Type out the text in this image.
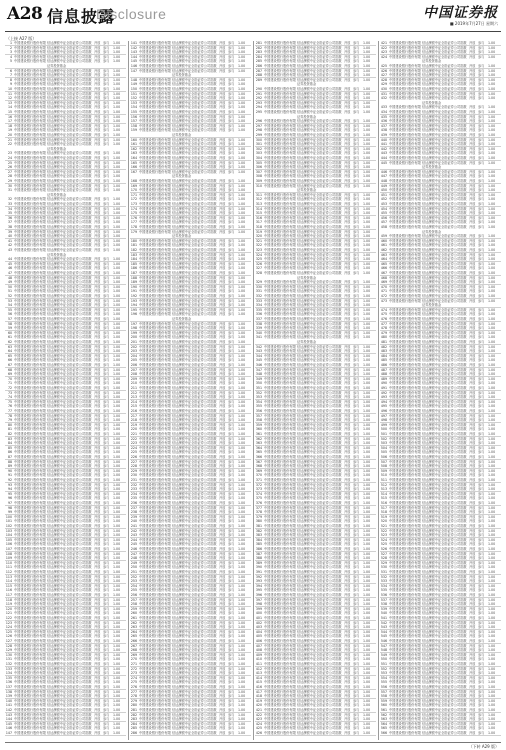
A28 信息披露
Disclosure	中国证券报
■ 2019年7月27日 星期六
（上接 A27 版）
1 中国建设银行股份有限 信达澳银中证全指证券公司指数 开放 参与	1.00
2 中国建设银行股份有限 信达澳银中证全指证券公司指数 开放 参与	1.00
3 中国建设银行股份有限 信达澳银中证全指证券公司指数 开放 参与	1.00
4 中国建设银行股份有限 信达澳银中证全指证券公司指数 开放 参与	1.00
5 中国建设银行股份有限 信达澳银中证全指证券公司指数证券投资基金
开放 参与	1.00
6 中国建设银行股份有限 信达澳银中证全指证券公司指数 开放 参与	1.00
7 中国建设银行股份有限 信达澳银中证全指证券公司指数 开放 参与	1.00
8 中国建设银行股份有限 信达澳银中证全指证券公司指数 开放 参与	1.00
9 中国建设银行股份有限 信达澳银中证全指证券公司指数 开放 参与	1.00
10 中国建设银行股份有限 信达澳银中证全指证券公司指数 开放 参与	1.00
11 中国建设银行股份有限 信达澳银中证全指证券公司指数 开放 参与	1.00
12 中国建设银行股份有限 信达澳银中证全指证券公司指数 开放 参与	1.00
13 中国建设银行股份有限 信达澳银中证全指证券公司指数 开放 参与	1.00
14 中国建设银行股份有限 信达澳银中证全指证券公司指数 开放 参与	1.00
15 中国建设银行股份有限 信达澳银中证全指证券公司指数 开放 参与	1.00
16 中国建设银行股份有限 信达澳银中证全指证券公司指数 开放 参与	1.00
17 中国建设银行股份有限 信达澳银中证全指证券公司指数 开放 参与	1.00
18 中国建设银行股份有限 信达澳银中证全指证券公司指数 开放 参与	1.00
19 中国建设银行股份有限 信达澳银中证全指证券公司指数 开放 参与	1.00
20 中国建设银行股份有限 信达澳银中证全指证券公司指数 开放 参与	1.00
21 中国建设银行股份有限 信达澳银中证全指证券公司指数 开放 参与	1.00
22 中国建设银行股份有限 信达澳银中证全指证券公司指数证券投资基金
开放 参与	1.00
23 中国建设银行股份有限 信达澳银中证全指证券公司指数 开放 参与	1.00
24 中国建设银行股份有限 信达澳银中证全指证券公司指数 开放 参与	1.00
25 中国建设银行股份有限 信达澳银中证全指证券公司指数 开放 参与	1.00
26 中国建设银行股份有限 信达澳银中证全指证券公司指数 开放 参与	1.00
27 中国建设银行股份有限 信达澳银中证全指证券公司指数 开放 参与	1.00
28 中国建设银行股份有限 信达澳银中证全指证券公司指数 开放 参与	1.00
29 中国建设银行股份有限 信达澳银中证全指证券公司指数 开放 参与	1.00
30 中国建设银行股份有限 信达澳银中证全指证券公司指数 开放 参与	1.00
31 中国建设银行股份有限 信达澳银中证全指证券公司指数证券投资基金
开放 参与	1.00
32 中国建设银行股份有限 信达澳银中证全指证券公司指数 开放 参与	1.00
33 中国建设银行股份有限 信达澳银中证全指证券公司指数 开放 参与	1.00
34 中国建设银行股份有限 信达澳银中证全指证券公司指数 开放 参与	1.00
35 中国建设银行股份有限 信达澳银中证全指证券公司指数 开放 参与	1.00
36 中国建设银行股份有限 信达澳银中证全指证券公司指数 开放 参与	1.00
37 中国建设银行股份有限 信达澳银中证全指证券公司指数 开放 参与	1.00
38 中国建设银行股份有限 信达澳银中证全指证券公司指数 开放 参与	1.00
39 中国建设银行股份有限 信达澳银中证全指证券公司指数 开放 参与	1.00
40 中国建设银行股份有限 信达澳银中证全指证券公司指数 开放 参与	1.00
41 中国建设银行股份有限 信达澳银中证全指证券公司指数 开放 参与	1.00
42 中国建设银行股份有限 信达澳银中证全指证券公司指数 开放 参与	1.00
43 中国建设银行股份有限 信达澳银中证全指证券公司指数证券投资基金
开放 参与	1.00
44 中国建设银行股份有限 信达澳银中证全指证券公司指数 开放 参与	1.00
45 中国建设银行股份有限 信达澳银中证全指证券公司指数 开放 参与	1.00
46 中国建设银行股份有限 信达澳银中证全指证券公司指数 开放 参与	1.00
47 中国建设银行股份有限 信达澳银中证全指证券公司指数 开放 参与	1.00
48 中国建设银行股份有限 信达澳银中证全指证券公司指数 开放 参与	1.00
49 中国建设银行股份有限 信达澳银中证全指证券公司指数 开放 参与	1.00
50 中国建设银行股份有限 信达澳银中证全指证券公司指数 开放 参与	1.00
51 中国建设银行股份有限 信达澳银中证全指证券公司指数 开放 参与	1.00
52 中国建设银行股份有限 信达澳银中证全指证券公司指数 开放 参与	1.00
53 中国建设银行股份有限 信达澳银中证全指证券公司指数 开放 参与	1.00
54 中国建设银行股份有限 信达澳银中证全指证券公司指数 开放 参与	1.00
55 中国建设银行股份有限 信达澳银中证全指证券公司指数 开放 参与	1.00
56 中国建设银行股份有限 信达澳银中证全指证券公司指数 开放 参与	1.00
57 中国建设银行股份有限 信达澳银中证全指证券公司指数 开放 参与	1.00
58 中国建设银行股份有限 信达澳银中证全指证券公司指数 开放 参与	1.00
59 中国建设银行股份有限 信达澳银中证全指证券公司指数 开放 参与	1.00
60 中国建设银行股份有限 信达澳银中证全指证券公司指数 开放 参与	1.00
61 中国建设银行股份有限 信达澳银中证全指证券公司指数 开放 参与	1.00
62 中国建设银行股份有限 信达澳银中证全指证券公司指数 开放 参与	1.00
63 中国建设银行股份有限 信达澳银中证全指证券公司指数 开放 参与	1.00
64 中国建设银行股份有限 信达澳银中证全指证券公司指数 开放 参与	1.00
65 中国建设银行股份有限 信达澳银中证全指证券公司指数 开放 参与	1.00
66 中国建设银行股份有限 信达澳银中证全指证券公司指数 开放 参与	1.00
67 中国建设银行股份有限 信达澳银中证全指证券公司指数 开放 参与	1.00
68 中国建设银行股份有限 信达澳银中证全指证券公司指数 开放 参与	1.00
69 中国建设银行股份有限 信达澳银中证全指证券公司指数 开放 参与	1.00
70 中国建设银行股份有限 信达澳银中证全指证券公司指数 开放 参与	1.00
71 中国建设银行股份有限 信达澳银中证全指证券公司指数 开放 参与	1.00
72 中国建设银行股份有限 信达澳银中证全指证券公司指数 开放 参与	1.00
73 中国建设银行股份有限 信达澳银中证全指证券公司指数 开放 参与	1.00
74 中国建设银行股份有限 信达澳银中证全指证券公司指数 开放 参与	1.00
75 中国建设银行股份有限 信达澳银中证全指证券公司指数 开放 参与	1.00
76 中国建设银行股份有限 信达澳银中证全指证券公司指数 开放 参与	1.00
77 中国建设银行股份有限 信达澳银中证全指证券公司指数 开放 参与	1.00
78 中国建设银行股份有限 信达澳银中证全指证券公司指数 开放 参与	1.00
79 中国建设银行股份有限 信达澳银中证全指证券公司指数 开放 参与	1.00
80 中国建设银行股份有限 信达澳银中证全指证券公司指数 开放 参与	1.00
81 中国建设银行股份有限 信达澳银中证全指证券公司指数 开放 参与	1.00
82 中国建设银行股份有限 信达澳银中证全指证券公司指数 开放 参与	1.00
83 中国建设银行股份有限 信达澳银中证全指证券公司指数 开放 参与	1.00
84 中国建设银行股份有限 信达澳银中证全指证券公司指数 开放 参与	1.00
85 中国建设银行股份有限 信达澳银中证全指证券公司指数 开放 参与	1.00
86 中国建设银行股份有限 信达澳银中证全指证券公司指数 开放 参与	1.00
87 中国建设银行股份有限 信达澳银中证全指证券公司指数 开放 参与	1.00
88 中国建设银行股份有限 信达澳银中证全指证券公司指数 开放 参与	1.00
89 中国建设银行股份有限 信达澳银中证全指证券公司指数 开放 参与	1.00
90 中国建设银行股份有限 信达澳银中证全指证券公司指数 开放 参与	1.00
91 中国建设银行股份有限 信达澳银中证全指证券公司指数 开放 参与	1.00
92 中国建设银行股份有限 信达澳银中证全指证券公司指数 开放 参与	1.00
93 中国建设银行股份有限 信达澳银中证全指证券公司指数 开放 参与	1.00
94 中国建设银行股份有限 信达澳银中证全指证券公司指数 开放 参与	1.00
95 中国建设银行股份有限 信达澳银中证全指证券公司指数 开放 参与	1.00
96 中国建设银行股份有限 信达澳银中证全指证券公司指数 开放 参与	1.00
97 中国建设银行股份有限 信达澳银中证全指证券公司指数 开放 参与	1.00
98 中国建设银行股份有限 信达澳银中证全指证券公司指数 开放 参与	1.00
99 中国建设银行股份有限 信达澳银中证全指证券公司指数 开放 参与	1.00
100 中国建设银行股份有限 信达澳银中证全指证券公司指数 开放 参与	1.00
101 中国建设银行股份有限 信达澳银中证全指证券公司指数 开放 参与	1.00
102 中国建设银行股份有限 信达澳银中证全指证券公司指数 开放 参与	1.00
103 中国建设银行股份有限 信达澳银中证全指证券公司指数 开放 参与	1.00
104 中国建设银行股份有限 信达澳银中证全指证券公司指数 开放 参与	1.00
105 中国建设银行股份有限 信达澳银中证全指证券公司指数 开放 参与	1.00
106 中国建设银行股份有限 信达澳银中证全指证券公司指数 开放 参与	1.00
107 中国建设银行股份有限 信达澳银中证全指证券公司指数 开放 参与	1.00
108 中国建设银行股份有限 信达澳银中证全指证券公司指数 开放 参与	1.00
109 中国建设银行股份有限 信达澳银中证全指证券公司指数 开放 参与	1.00
110 中国建设银行股份有限 信达澳银中证全指证券公司指数 开放 参与	1.00
111 中国建设银行股份有限 信达澳银中证全指证券公司指数 开放 参与	1.00
112 中国建设银行股份有限 信达澳银中证全指证券公司指数 开放 参与	1.00
113 中国建设银行股份有限 信达澳银中证全指证券公司指数 开放 参与	1.00
114 中国建设银行股份有限 信达澳银中证全指证券公司指数 开放 参与	1.00
115 中国建设银行股份有限 信达澳银中证全指证券公司指数 开放 参与	1.00
116 中国建设银行股份有限 信达澳银中证全指证券公司指数 开放 参与	1.00
117 中国建设银行股份有限 信达澳银中证全指证券公司指数 开放 参与	1.00
118 中国建设银行股份有限 信达澳银中证全指证券公司指数 开放 参与	1.00
119 中国建设银行股份有限 信达澳银中证全指证券公司指数 开放 参与	1.00
120 中国建设银行股份有限 信达澳银中证全指证券公司指数 开放 参与	1.00
121 中国建设银行股份有限 信达澳银中证全指证券公司指数 开放 参与	1.00
122 中国建设银行股份有限 信达澳银中证全指证券公司指数 开放 参与	1.00
123 中国建设银行股份有限 信达澳银中证全指证券公司指数 开放 参与	1.00
124 中国建设银行股份有限 信达澳银中证全指证券公司指数 开放 参与	1.00
125 中国建设银行股份有限 信达澳银中证全指证券公司指数 开放 参与	1.00
126 中国建设银行股份有限 信达澳银中证全指证券公司指数 开放 参与	1.00
127 中国建设银行股份有限 信达澳银中证全指证券公司指数 开放 参与	1.00
128 中国建设银行股份有限 信达澳银中证全指证券公司指数 开放 参与	1.00
129 中国建设银行股份有限 信达澳银中证全指证券公司指数 开放 参与	1.00
130 中国建设银行股份有限 信达澳银中证全指证券公司指数 开放 参与	1.00
131 中国建设银行股份有限 信达澳银中证全指证券公司指数 开放 参与	1.00
132 中国建设银行股份有限 信达澳银中证全指证券公司指数 开放 参与	1.00
133 中国建设银行股份有限 信达澳银中证全指证券公司指数 开放 参与	1.00
134 中国建设银行股份有限 信达澳银中证全指证券公司指数 开放 参与	1.00
135 中国建设银行股份有限 信达澳银中证全指证券公司指数 开放 参与	1.00
136 中国建设银行股份有限 信达澳银中证全指证券公司指数 开放 参与	1.00
137 中国建设银行股份有限 信达澳银中证全指证券公司指数 开放 参与	1.00
138 中国建设银行股份有限 信达澳银中证全指证券公司指数 开放 参与	1.00
139 中国建设银行股份有限 信达澳银中证全指证券公司指数 开放 参与	1.00
140 中国建设银行股份有限 信达澳银中证全指证券公司指数 开放 参与	1.00
141 中国建设银行股份有限 信达澳银中证全指证券公司指数 开放 参与	1.00
142 中国建设银行股份有限 信达澳银中证全指证券公司指数 开放 参与	1.00
143 中国建设银行股份有限 信达澳银中证全指证券公司指数 开放 参与	1.00
144 中国建设银行股份有限 信达澳银中证全指证券公司指数 开放 参与	1.00
145 中国建设银行股份有限 信达澳银中证全指证券公司指数 开放 参与	1.00
146 中国建设银行股份有限 信达澳银中证全指证券公司指数 开放 参与	1.00
147 中国建设银行股份有限 信达澳银中证全指证券公司指数 开放 参与	1.00
141 中国建设银行股份有限 信达澳银中证全指证券公司指数 开放 参与	1.00
142 中国建设银行股份有限 信达澳银中证全指证券公司指数 开放 参与	1.00
143 中国建设银行股份有限 信达澳银中证全指证券公司指数 开放 参与	1.00
144 中国建设银行股份有限 信达澳银中证全指证券公司指数 开放 参与	1.00
145 中国建设银行股份有限 信达澳银中证全指证券公司指数 开放 参与	1.00
146 中国建设银行股份有限 信达澳银中证全指证券公司指数 开放 参与	1.00
147 中国建设银行股份有限 信达澳银中证全指证券公司指数证券投资基金
开放 参与	1.00
148 中国建设银行股份有限 信达澳银中证全指证券公司指数 开放 参与	1.00
149 中国建设银行股份有限 信达澳银中证全指证券公司指数 开放 参与	1.00
150 中国建设银行股份有限 信达澳银中证全指证券公司指数 开放 参与	1.00
151 中国建设银行股份有限 信达澳银中证全指证券公司指数 开放 参与	1.00
152 中国建设银行股份有限 信达澳银中证全指证券公司指数 开放 参与	1.00
153 中国建设银行股份有限 信达澳银中证全指证券公司指数 开放 参与	1.00
154 中国建设银行股份有限 信达澳银中证全指证券公司指数 开放 参与	1.00
155 中国建设银行股份有限 信达澳银中证全指证券公司指数 开放 参与	1.00
156 中国建设银行股份有限 信达澳银中证全指证券公司指数 开放 参与	1.00
157 中国建设银行股份有限 信达澳银中证全指证券公司指数 开放 参与	1.00
158 中国建设银行股份有限 信达澳银中证全指证券公司指数 开放 参与	1.00
159 中国建设银行股份有限 信达澳银中证全指证券公司指数证券投资基金
开放 参与	1.00
160 中国建设银行股份有限 信达澳银中证全指证券公司指数 开放 参与	1.00
161 中国建设银行股份有限 信达澳银中证全指证券公司指数 开放 参与	1.00
162 中国建设银行股份有限 信达澳银中证全指证券公司指数 开放 参与	1.00
163 中国建设银行股份有限 信达澳银中证全指证券公司指数 开放 参与	1.00
164 中国建设银行股份有限 信达澳银中证全指证券公司指数 开放 参与	1.00
165 中国建设银行股份有限 信达澳银中证全指证券公司指数 开放 参与	1.00
166 中国建设银行股份有限 信达澳银中证全指证券公司指数 开放 参与	1.00
167 中国建设银行股份有限 信达澳银中证全指证券公司指数证券投资基金
开放 参与	1.00
168 中国建设银行股份有限 信达澳银中证全指证券公司指数 开放 参与	1.00
169 中国建设银行股份有限 信达澳银中证全指证券公司指数 开放 参与	1.00
170 中国建设银行股份有限 信达澳银中证全指证券公司指数 开放 参与	1.00
171 中国建设银行股份有限 信达澳银中证全指证券公司指数 开放 参与	1.00
172 中国建设银行股份有限 信达澳银中证全指证券公司指数 开放 参与	1.00
173 中国建设银行股份有限 信达澳银中证全指证券公司指数 开放 参与	1.00
174 中国建设银行股份有限 信达澳银中证全指证券公司指数 开放 参与	1.00
175 中国建设银行股份有限 信达澳银中证全指证券公司指数 开放 参与	1.00
176 中国建设银行股份有限 信达澳银中证全指证券公司指数 开放 参与	1.00
177 中国建设银行股份有限 信达澳银中证全指证券公司指数 开放 参与	1.00
178 中国建设银行股份有限 信达澳银中证全指证券公司指数 开放 参与	1.00
179 中国建设银行股份有限 信达澳银中证全指证券公司指数证券投资基金
开放 参与	1.00
180 中国建设银行股份有限 信达澳银中证全指证券公司指数 开放 参与	1.00
181 中国建设银行股份有限 信达澳银中证全指证券公司指数 开放 参与	1.00
182 中国建设银行股份有限 信达澳银中证全指证券公司指数 开放 参与	1.00
183 中国建设银行股份有限 信达澳银中证全指证券公司指数 开放 参与	1.00
184 中国建设银行股份有限 信达澳银中证全指证券公司指数 开放 参与	1.00
185 中国建设银行股份有限 信达澳银中证全指证券公司指数 开放 参与	1.00
186 中国建设银行股份有限 信达澳银中证全指证券公司指数 开放 参与	1.00
187 中国建设银行股份有限 信达澳银中证全指证券公司指数 开放 参与	1.00
188 中国建设银行股份有限 信达澳银中证全指证券公司指数 开放 参与	1.00
189 中国建设银行股份有限 信达澳银中证全指证券公司指数 开放 参与	1.00
190 中国建设银行股份有限 信达澳银中证全指证券公司指数 开放 参与	1.00
191 中国建设银行股份有限 信达澳银中证全指证券公司指数 开放 参与	1.00
192 中国建设银行股份有限 信达澳银中证全指证券公司指数 开放 参与	1.00
193 中国建设银行股份有限 信达澳银中证全指证券公司指数 开放 参与	1.00
194 中国建设银行股份有限 信达澳银中证全指证券公司指数 开放 参与	1.00
195 中国建设银行股份有限 信达澳银中证全指证券公司指数 开放 参与	1.00
196 中国建设银行股份有限 信达澳银中证全指证券公司指数证券投资基金
开放 参与	1.00
197 中国建设银行股份有限 信达澳银中证全指证券公司指数 开放 参与	1.00
198 中国建设银行股份有限 信达澳银中证全指证券公司指数 开放 参与	1.00
199 中国建设银行股份有限 信达澳银中证全指证券公司指数 开放 参与	1.00
200 中国建设银行股份有限 信达澳银中证全指证券公司指数 开放 参与	1.00
201 中国建设银行股份有限 信达澳银中证全指证券公司指数 开放 参与	1.00
202 中国建设银行股份有限 信达澳银中证全指证券公司指数 开放 参与	1.00
203 中国建设银行股份有限 信达澳银中证全指证券公司指数 开放 参与	1.00
204 中国建设银行股份有限 信达澳银中证全指证券公司指数 开放 参与	1.00
205 中国建设银行股份有限 信达澳银中证全指证券公司指数 开放 参与	1.00
206 中国建设银行股份有限 信达澳银中证全指证券公司指数 开放 参与	1.00
207 中国建设银行股份有限 信达澳银中证全指证券公司指数 开放 参与	1.00
208 中国建设银行股份有限 信达澳银中证全指证券公司指数 开放 参与	1.00
209 中国建设银行股份有限 信达澳银中证全指证券公司指数 开放 参与	1.00
210 中国建设银行股份有限 信达澳银中证全指证券公司指数 开放 参与	1.00
211 中国建设银行股份有限 信达澳银中证全指证券公司指数 开放 参与	1.00
212 中国建设银行股份有限 信达澳银中证全指证券公司指数 开放 参与	1.00
213 中国建设银行股份有限 信达澳银中证全指证券公司指数 开放 参与	1.00
214 中国建设银行股份有限 信达澳银中证全指证券公司指数 开放 参与	1.00
215 中国建设银行股份有限 信达澳银中证全指证券公司指数 开放 参与	1.00
216 中国建设银行股份有限 信达澳银中证全指证券公司指数 开放 参与	1.00
217 中国建设银行股份有限 信达澳银中证全指证券公司指数 开放 参与	1.00
218 中国建设银行股份有限 信达澳银中证全指证券公司指数 开放 参与	1.00
219 中国建设银行股份有限 信达澳银中证全指证券公司指数 开放 参与	1.00
220 中国建设银行股份有限 信达澳银中证全指证券公司指数 开放 参与	1.00
221 中国建设银行股份有限 信达澳银中证全指证券公司指数 开放 参与	1.00
222 中国建设银行股份有限 信达澳银中证全指证券公司指数 开放 参与	1.00
223 中国建设银行股份有限 信达澳银中证全指证券公司指数 开放 参与	1.00
224 中国建设银行股份有限 信达澳银中证全指证券公司指数 开放 参与	1.00
225 中国建设银行股份有限 信达澳银中证全指证券公司指数 开放 参与	1.00
226 中国建设银行股份有限 信达澳银中证全指证券公司指数 开放 参与	1.00
227 中国建设银行股份有限 信达澳银中证全指证券公司指数 开放 参与	1.00
228 中国建设银行股份有限 信达澳银中证全指证券公司指数 开放 参与	1.00
229 中国建设银行股份有限 信达澳银中证全指证券公司指数 开放 参与	1.00
230 中国建设银行股份有限 信达澳银中证全指证券公司指数 开放 参与	1.00
231 中国建设银行股份有限 信达澳银中证全指证券公司指数 开放 参与	1.00
232 中国建设银行股份有限 信达澳银中证全指证券公司指数 开放 参与	1.00
233 中国建设银行股份有限 信达澳银中证全指证券公司指数 开放 参与	1.00
234 中国建设银行股份有限 信达澳银中证全指证券公司指数 开放 参与	1.00
235 中国建设银行股份有限 信达澳银中证全指证券公司指数 开放 参与	1.00
236 中国建设银行股份有限 信达澳银中证全指证券公司指数 开放 参与	1.00
237 中国建设银行股份有限 信达澳银中证全指证券公司指数 开放 参与	1.00
238 中国建设银行股份有限 信达澳银中证全指证券公司指数 开放 参与	1.00
239 中国建设银行股份有限 信达澳银中证全指证券公司指数 开放 参与	1.00
240 中国建设银行股份有限 信达澳银中证全指证券公司指数 开放 参与	1.00
241 中国建设银行股份有限 信达澳银中证全指证券公司指数 开放 参与	1.00
242 中国建设银行股份有限 信达澳银中证全指证券公司指数 开放 参与	1.00
243 中国建设银行股份有限 信达澳银中证全指证券公司指数 开放 参与	1.00
244 中国建设银行股份有限 信达澳银中证全指证券公司指数 开放 参与	1.00
245 中国建设银行股份有限 信达澳银中证全指证券公司指数 开放 参与	1.00
246 中国建设银行股份有限 信达澳银中证全指证券公司指数 开放 参与	1.00
247 中国建设银行股份有限 信达澳银中证全指证券公司指数 开放 参与	1.00
248 中国建设银行股份有限 信达澳银中证全指证券公司指数 开放 参与	1.00
249 中国建设银行股份有限 信达澳银中证全指证券公司指数 开放 参与	1.00
250 中国建设银行股份有限 信达澳银中证全指证券公司指数 开放 参与	1.00
251 中国建设银行股份有限 信达澳银中证全指证券公司指数 开放 参与	1.00
252 中国建设银行股份有限 信达澳银中证全指证券公司指数 开放 参与	1.00
253 中国建设银行股份有限 信达澳银中证全指证券公司指数 开放 参与	1.00
254 中国建设银行股份有限 信达澳银中证全指证券公司指数 开放 参与	1.00
255 中国建设银行股份有限 信达澳银中证全指证券公司指数 开放 参与	1.00
256 中国建设银行股份有限 信达澳银中证全指证券公司指数 开放 参与	1.00
257 中国建设银行股份有限 信达澳银中证全指证券公司指数 开放 参与	1.00
258 中国建设银行股份有限 信达澳银中证全指证券公司指数 开放 参与	1.00
259 中国建设银行股份有限 信达澳银中证全指证券公司指数 开放 参与	1.00
260 中国建设银行股份有限 信达澳银中证全指证券公司指数 开放 参与	1.00
261 中国建设银行股份有限 信达澳银中证全指证券公司指数 开放 参与	1.00
262 中国建设银行股份有限 信达澳银中证全指证券公司指数 开放 参与	1.00
263 中国建设银行股份有限 信达澳银中证全指证券公司指数 开放 参与	1.00
264 中国建设银行股份有限 信达澳银中证全指证券公司指数 开放 参与	1.00
265 中国建设银行股份有限 信达澳银中证全指证券公司指数 开放 参与	1.00
266 中国建设银行股份有限 信达澳银中证全指证券公司指数 开放 参与	1.00
267 中国建设银行股份有限 信达澳银中证全指证券公司指数 开放 参与	1.00
268 中国建设银行股份有限 信达澳银中证全指证券公司指数 开放 参与	1.00
269 中国建设银行股份有限 信达澳银中证全指证券公司指数 开放 参与	1.00
270 中国建设银行股份有限 信达澳银中证全指证券公司指数 开放 参与	1.00
271 中国建设银行股份有限 信达澳银中证全指证券公司指数 开放 参与	1.00
272 中国建设银行股份有限 信达澳银中证全指证券公司指数 开放 参与	1.00
273 中国建设银行股份有限 信达澳银中证全指证券公司指数 开放 参与	1.00
274 中国建设银行股份有限 信达澳银中证全指证券公司指数 开放 参与	1.00
275 中国建设银行股份有限 信达澳银中证全指证券公司指数 开放 参与	1.00
276 中国建设银行股份有限 信达澳银中证全指证券公司指数 开放 参与	1.00
277 中国建设银行股份有限 信达澳银中证全指证券公司指数 开放 参与	1.00
278 中国建设银行股份有限 信达澳银中证全指证券公司指数 开放 参与	1.00
279 中国建设银行股份有限 信达澳银中证全指证券公司指数 开放 参与	1.00
280 中国建设银行股份有限 信达澳银中证全指证券公司指数 开放 参与	1.00
281 中国建设银行股份有限 信达澳银中证全指证券公司指数 开放 参与	1.00
282 中国建设银行股份有限 信达澳银中证全指证券公司指数 开放 参与	1.00
283 中国建设银行股份有限 信达澳银中证全指证券公司指数 开放 参与	1.00
284 中国建设银行股份有限 信达澳银中证全指证券公司指数 开放 参与	1.00
285 中国建设银行股份有限 信达澳银中证全指证券公司指数 开放 参与	1.00
286 中国建设银行股份有限 信达澳银中证全指证券公司指数 开放 参与	1.00
281 中国建设银行股份有限 信达澳银中证全指证券公司指数 开放 参与	1.00
282 中国建设银行股份有限 信达澳银中证全指证券公司指数 开放 参与	1.00
283 中国建设银行股份有限 信达澳银中证全指证券公司指数 开放 参与	1.00
284 中国建设银行股份有限 信达澳银中证全指证券公司指数 开放 参与	1.00
285 中国建设银行股份有限 信达澳银中证全指证券公司指数 开放 参与	1.00
286 中国建设银行股份有限 信达澳银中证全指证券公司指数 开放 参与	1.00
287 中国建设银行股份有限 信达澳银中证全指证券公司指数 开放 参与	1.00
288 中国建设银行股份有限 信达澳银中证全指证券公司指数 开放 参与	1.00
289 中国建设银行股份有限 信达澳银中证全指证券公司指数证券投资基金
开放 参与	1.00
290 中国建设银行股份有限 信达澳银中证全指证券公司指数 开放 参与	1.00
291 中国建设银行股份有限 信达澳银中证全指证券公司指数 开放 参与	1.00
292 中国建设银行股份有限 信达澳银中证全指证券公司指数 开放 参与	1.00
293 中国建设银行股份有限 信达澳银中证全指证券公司指数 开放 参与	1.00
294 中国建设银行股份有限 信达澳银中证全指证券公司指数 开放 参与	1.00
295 中国建设银行股份有限 信达澳银中证全指证券公司指数证券投资基金
开放 参与	1.00
296 中国建设银行股份有限 信达澳银中证全指证券公司指数 开放 参与	1.00
297 中国建设银行股份有限 信达澳银中证全指证券公司指数 开放 参与	1.00
298 中国建设银行股份有限 信达澳银中证全指证券公司指数 开放 参与	1.00
299 中国建设银行股份有限 信达澳银中证全指证券公司指数 开放 参与	1.00
300 中国建设银行股份有限 信达澳银中证全指证券公司指数 开放 参与	1.00
301 中国建设银行股份有限 信达澳银中证全指证券公司指数 开放 参与	1.00
302 中国建设银行股份有限 信达澳银中证全指证券公司指数 开放 参与	1.00
303 中国建设银行股份有限 信达澳银中证全指证券公司指数 开放 参与	1.00
304 中国建设银行股份有限 信达澳银中证全指证券公司指数 开放 参与	1.00
305 中国建设银行股份有限 信达澳银中证全指证券公司指数 开放 参与	1.00
306 中国建设银行股份有限 信达澳银中证全指证券公司指数 开放 参与	1.00
307 中国建设银行股份有限 信达澳银中证全指证券公司指数 开放 参与	1.00
308 中国建设银行股份有限 信达澳银中证全指证券公司指数 开放 参与	1.00
309 中国建设银行股份有限 信达澳银中证全指证券公司指数 开放 参与	1.00
310 中国建设银行股份有限 信达澳银中证全指证券公司指数证券投资基金
开放 参与	1.00
311 中国建设银行股份有限 信达澳银中证全指证券公司指数 开放 参与	1.00
312 中国建设银行股份有限 信达澳银中证全指证券公司指数 开放 参与	1.00
313 中国建设银行股份有限 信达澳银中证全指证券公司指数 开放 参与	1.00
314 中国建设银行股份有限 信达澳银中证全指证券公司指数 开放 参与	1.00
315 中国建设银行股份有限 信达澳银中证全指证券公司指数 开放 参与	1.00
316 中国建设银行股份有限 信达澳银中证全指证券公司指数 开放 参与	1.00
317 中国建设银行股份有限 信达澳银中证全指证券公司指数 开放 参与	1.00
318 中国建设银行股份有限 信达澳银中证全指证券公司指数 开放 参与	1.00
319 中国建设银行股份有限 信达澳银中证全指证券公司指数 开放 参与	1.00
320 中国建设银行股份有限 信达澳银中证全指证券公司指数 开放 参与	1.00
321 中国建设银行股份有限 信达澳银中证全指证券公司指数 开放 参与	1.00
322 中国建设银行股份有限 信达澳银中证全指证券公司指数 开放 参与	1.00
323 中国建设银行股份有限 信达澳银中证全指证券公司指数 开放 参与	1.00
324 中国建设银行股份有限 信达澳银中证全指证券公司指数 开放 参与	1.00
325 中国建设银行股份有限 信达澳银中证全指证券公司指数 开放 参与	1.00
326 中国建设银行股份有限 信达澳银中证全指证券公司指数 开放 参与	1.00
327 中国建设银行股份有限 信达澳银中证全指证券公司指数 开放 参与	1.00
328 中国建设银行股份有限 信达澳银中证全指证券公司指数证券投资基金
开放 参与	1.00
329 中国建设银行股份有限 信达澳银中证全指证券公司指数 开放 参与	1.00
330 中国建设银行股份有限 信达澳银中证全指证券公司指数 开放 参与	1.00
331 中国建设银行股份有限 信达澳银中证全指证券公司指数 开放 参与	1.00
332 中国建设银行股份有限 信达澳银中证全指证券公司指数 开放 参与	1.00
333 中国建设银行股份有限 信达澳银中证全指证券公司指数 开放 参与	1.00
334 中国建设银行股份有限 信达澳银中证全指证券公司指数 开放 参与	1.00
335 中国建设银行股份有限 信达澳银中证全指证券公司指数 开放 参与	1.00
336 中国建设银行股份有限 信达澳银中证全指证券公司指数 开放 参与	1.00
337 中国建设银行股份有限 信达澳银中证全指证券公司指数 开放 参与	1.00
338 中国建设银行股份有限 信达澳银中证全指证券公司指数 开放 参与	1.00
339 中国建设银行股份有限 信达澳银中证全指证券公司指数 开放 参与	1.00
340 中国建设银行股份有限 信达澳银中证全指证券公司指数 开放 参与	1.00
341 中国建设银行股份有限 信达澳银中证全指证券公司指数证券投资基金
开放 参与	1.00
342 中国建设银行股份有限 信达澳银中证全指证券公司指数 开放 参与	1.00
343 中国建设银行股份有限 信达澳银中证全指证券公司指数 开放 参与	1.00
344 中国建设银行股份有限 信达澳银中证全指证券公司指数 开放 参与	1.00
345 中国建设银行股份有限 信达澳银中证全指证券公司指数 开放 参与	1.00
346 中国建设银行股份有限 信达澳银中证全指证券公司指数 开放 参与	1.00
347 中国建设银行股份有限 信达澳银中证全指证券公司指数 开放 参与	1.00
348 中国建设银行股份有限 信达澳银中证全指证券公司指数 开放 参与	1.00
349 中国建设银行股份有限 信达澳银中证全指证券公司指数 开放 参与	1.00
350 中国建设银行股份有限 信达澳银中证全指证券公司指数 开放 参与	1.00
351 中国建设银行股份有限 信达澳银中证全指证券公司指数 开放 参与	1.00
352 中国建设银行股份有限 信达澳银中证全指证券公司指数 开放 参与	1.00
353 中国建设银行股份有限 信达澳银中证全指证券公司指数 开放 参与	1.00
354 中国建设银行股份有限 信达澳银中证全指证券公司指数 开放 参与	1.00
355 中国建设银行股份有限 信达澳银中证全指证券公司指数 开放 参与	1.00
356 中国建设银行股份有限 信达澳银中证全指证券公司指数 开放 参与	1.00
357 中国建设银行股份有限 信达澳银中证全指证券公司指数 开放 参与	1.00
358 中国建设银行股份有限 信达澳银中证全指证券公司指数 开放 参与	1.00
359 中国建设银行股份有限 信达澳银中证全指证券公司指数 开放 参与	1.00
360 中国建设银行股份有限 信达澳银中证全指证券公司指数 开放 参与	1.00
361 中国建设银行股份有限 信达澳银中证全指证券公司指数 开放 参与	1.00
362 中国建设银行股份有限 信达澳银中证全指证券公司指数 开放 参与	1.00
363 中国建设银行股份有限 信达澳银中证全指证券公司指数 开放 参与	1.00
364 中国建设银行股份有限 信达澳银中证全指证券公司指数 开放 参与	1.00
365 中国建设银行股份有限 信达澳银中证全指证券公司指数 开放 参与	1.00
366 中国建设银行股份有限 信达澳银中证全指证券公司指数 开放 参与	1.00
367 中国建设银行股份有限 信达澳银中证全指证券公司指数 开放 参与	1.00
368 中国建设银行股份有限 信达澳银中证全指证券公司指数 开放 参与	1.00
369 中国建设银行股份有限 信达澳银中证全指证券公司指数 开放 参与	1.00
370 中国建设银行股份有限 信达澳银中证全指证券公司指数 开放 参与	1.00
371 中国建设银行股份有限 信达澳银中证全指证券公司指数 开放 参与	1.00
372 中国建设银行股份有限 信达澳银中证全指证券公司指数 开放 参与	1.00
373 中国建设银行股份有限 信达澳银中证全指证券公司指数 开放 参与	1.00
374 中国建设银行股份有限 信达澳银中证全指证券公司指数 开放 参与	1.00
375 中国建设银行股份有限 信达澳银中证全指证券公司指数 开放 参与	1.00
376 中国建设银行股份有限 信达澳银中证全指证券公司指数 开放 参与	1.00
377 中国建设银行股份有限 信达澳银中证全指证券公司指数 开放 参与	1.00
378 中国建设银行股份有限 信达澳银中证全指证券公司指数 开放 参与	1.00
379 中国建设银行股份有限 信达澳银中证全指证券公司指数 开放 参与	1.00
380 中国建设银行股份有限 信达澳银中证全指证券公司指数 开放 参与	1.00
381 中国建设银行股份有限 信达澳银中证全指证券公司指数 开放 参与	1.00
382 中国建设银行股份有限 信达澳银中证全指证券公司指数 开放 参与	1.00
383 中国建设银行股份有限 信达澳银中证全指证券公司指数 开放 参与	1.00
384 中国建设银行股份有限 信达澳银中证全指证券公司指数 开放 参与	1.00
385 中国建设银行股份有限 信达澳银中证全指证券公司指数 开放 参与	1.00
386 中国建设银行股份有限 信达澳银中证全指证券公司指数 开放 参与	1.00
387 中国建设银行股份有限 信达澳银中证全指证券公司指数 开放 参与	1.00
388 中国建设银行股份有限 信达澳银中证全指证券公司指数 开放 参与	1.00
389 中国建设银行股份有限 信达澳银中证全指证券公司指数 开放 参与	1.00
390 中国建设银行股份有限 信达澳银中证全指证券公司指数 开放 参与	1.00
391 中国建设银行股份有限 信达澳银中证全指证券公司指数 开放 参与	1.00
392 中国建设银行股份有限 信达澳银中证全指证券公司指数 开放 参与	1.00
393 中国建设银行股份有限 信达澳银中证全指证券公司指数 开放 参与	1.00
394 中国建设银行股份有限 信达澳银中证全指证券公司指数 开放 参与	1.00
395 中国建设银行股份有限 信达澳银中证全指证券公司指数 开放 参与	1.00
396 中国建设银行股份有限 信达澳银中证全指证券公司指数 开放 参与	1.00
397 中国建设银行股份有限 信达澳银中证全指证券公司指数 开放 参与	1.00
398 中国建设银行股份有限 信达澳银中证全指证券公司指数 开放 参与	1.00
399 中国建设银行股份有限 信达澳银中证全指证券公司指数 开放 参与	1.00
400 中国建设银行股份有限 信达澳银中证全指证券公司指数 开放 参与	1.00
401 中国建设银行股份有限 信达澳银中证全指证券公司指数 开放 参与	1.00
402 中国建设银行股份有限 信达澳银中证全指证券公司指数 开放 参与	1.00
403 中国建设银行股份有限 信达澳银中证全指证券公司指数 开放 参与	1.00
404 中国建设银行股份有限 信达澳银中证全指证券公司指数 开放 参与	1.00
405 中国建设银行股份有限 信达澳银中证全指证券公司指数 开放 参与	1.00
406 中国建设银行股份有限 信达澳银中证全指证券公司指数 开放 参与	1.00
407 中国建设银行股份有限 信达澳银中证全指证券公司指数 开放 参与	1.00
408 中国建设银行股份有限 信达澳银中证全指证券公司指数 开放 参与	1.00
409 中国建设银行股份有限 信达澳银中证全指证券公司指数 开放 参与	1.00
410 中国建设银行股份有限 信达澳银中证全指证券公司指数 开放 参与	1.00
411 中国建设银行股份有限 信达澳银中证全指证券公司指数 开放 参与	1.00
412 中国建设银行股份有限 信达澳银中证全指证券公司指数 开放 参与	1.00
413 中国建设银行股份有限 信达澳银中证全指证券公司指数 开放 参与	1.00
414 中国建设银行股份有限 信达澳银中证全指证券公司指数 开放 参与	1.00
415 中国建设银行股份有限 信达澳银中证全指证券公司指数 开放 参与	1.00
416 中国建设银行股份有限 信达澳银中证全指证券公司指数 开放 参与	1.00
417 中国建设银行股份有限 信达澳银中证全指证券公司指数 开放 参与	1.00
418 中国建设银行股份有限 信达澳银中证全指证券公司指数 开放 参与	1.00
419 中国建设银行股份有限 信达澳银中证全指证券公司指数 开放 参与	1.00
420 中国建设银行股份有限 信达澳银中证全指证券公司指数 开放 参与	1.00
421 中国建设银行股份有限 信达澳银中证全指证券公司指数 开放 参与	1.00
422 中国建设银行股份有限 信达澳银中证全指证券公司指数 开放 参与	1.00
423 中国建设银行股份有限 信达澳银中证全指证券公司指数 开放 参与	1.00
424 中国建设银行股份有限 信达澳银中证全指证券公司指数 开放 参与	1.00
425 中国建设银行股份有限 信达澳银中证全指证券公司指数 开放 参与	1.00
426 中国建设银行股份有限 信达澳银中证全指证券公司指数 开放 参与	1.00
421 中国建设银行股份有限 信达澳银中证全指证券公司指数 开放 参与	1.00
422 中国建设银行股份有限 信达澳银中证全指证券公司指数 开放 参与	1.00
423 中国建设银行股份有限 信达澳银中证全指证券公司指数 开放 参与	1.00
424 中国建设银行股份有限 信达澳银中证全指证券公司指数证券投资基金
开放 参与	1.00
425 中国建设银行股份有限 信达澳银中证全指证券公司指数 开放 参与	1.00
426 中国建设银行股份有限 信达澳银中证全指证券公司指数 开放 参与	1.00
427 中国建设银行股份有限 信达澳银中证全指证券公司指数 开放 参与	1.00
428 中国建设银行股份有限 信达澳银中证全指证券公司指数 开放 参与	1.00
429 中国建设银行股份有限 信达澳银中证全指证券公司指数 开放 参与	1.00
430 中国建设银行股份有限 信达澳银中证全指证券公司指数 开放 参与	1.00
431 中国建设银行股份有限 信达澳银中证全指证券公司指数 开放 参与	1.00
432 中国建设银行股份有限 信达澳银中证全指证券公司指数证券投资基金
开放 参与	1.00
433 中国建设银行股份有限 信达澳银中证全指证券公司指数 开放 参与	1.00
434 中国建设银行股份有限 信达澳银中证全指证券公司指数 开放 参与	1.00
435 中国建设银行股份有限 信达澳银中证全指证券公司指数 开放 参与	1.00
436 中国建设银行股份有限 信达澳银中证全指证券公司指数 开放 参与	1.00
437 中国建设银行股份有限 信达澳银中证全指证券公司指数 开放 参与	1.00
438 中国建设银行股份有限 信达澳银中证全指证券公司指数 开放 参与	1.00
439 中国建设银行股份有限 信达澳银中证全指证券公司指数 开放 参与	1.00
440 中国建设银行股份有限 信达澳银中证全指证券公司指数 开放 参与	1.00
441 中国建设银行股份有限 信达澳银中证全指证券公司指数 开放 参与	1.00
442 中国建设银行股份有限 信达澳银中证全指证券公司指数 开放 参与	1.00
443 中国建设银行股份有限 信达澳银中证全指证券公司指数 开放 参与	1.00
444 中国建设银行股份有限 信达澳银中证全指证券公司指数 开放 参与	1.00
445 中国建设银行股份有限 信达澳银中证全指证券公司指数证券投资基金
开放 参与	1.00
446 中国建设银行股份有限 信达澳银中证全指证券公司指数 开放 参与	1.00
447 中国建设银行股份有限 信达澳银中证全指证券公司指数 开放 参与	1.00
448 中国建设银行股份有限 信达澳银中证全指证券公司指数 开放 参与	1.00
449 中国建设银行股份有限 信达澳银中证全指证券公司指数 开放 参与	1.00
450 中国建设银行股份有限 信达澳银中证全指证券公司指数 开放 参与	1.00
451 中国建设银行股份有限 信达澳银中证全指证券公司指数 开放 参与	1.00
452 中国建设银行股份有限 信达澳银中证全指证券公司指数 开放 参与	1.00
453 中国建设银行股份有限 信达澳银中证全指证券公司指数 开放 参与	1.00
454 中国建设银行股份有限 信达澳银中证全指证券公司指数 开放 参与	1.00
455 中国建设银行股份有限 信达澳银中证全指证券公司指数 开放 参与	1.00
456 中国建设银行股份有限 信达澳银中证全指证券公司指数 开放 参与	1.00
457 中国建设银行股份有限 信达澳银中证全指证券公司指数 开放 参与	1.00
458 中国建设银行股份有限 信达澳银中证全指证券公司指数证券投资基金
开放 参与	1.00
459 中国建设银行股份有限 信达澳银中证全指证券公司指数 开放 参与	1.00
460 中国建设银行股份有限 信达澳银中证全指证券公司指数 开放 参与	1.00
461 中国建设银行股份有限 信达澳银中证全指证券公司指数 开放 参与	1.00
462 中国建设银行股份有限 信达澳银中证全指证券公司指数 开放 参与	1.00
463 中国建设银行股份有限 信达澳银中证全指证券公司指数 开放 参与	1.00
464 中国建设银行股份有限 信达澳银中证全指证券公司指数 开放 参与	1.00
465 中国建设银行股份有限 信达澳银中证全指证券公司指数 开放 参与	1.00
466 中国建设银行股份有限 信达澳银中证全指证券公司指数 开放 参与	1.00
467 中国建设银行股份有限 信达澳银中证全指证券公司指数 开放 参与	1.00
468 中国建设银行股份有限 信达澳银中证全指证券公司指数 开放 参与	1.00
469 中国建设银行股份有限 信达澳银中证全指证券公司指数 开放 参与	1.00
470 中国建设银行股份有限 信达澳银中证全指证券公司指数 开放 参与	1.00
471 中国建设银行股份有限 信达澳银中证全指证券公司指数 开放 参与	1.00
472 中国建设银行股份有限 信达澳银中证全指证券公司指数 开放 参与	1.00
473 中国建设银行股份有限 信达澳银中证全指证券公司指数证券投资基金
开放 参与	1.00
474 中国建设银行股份有限 信达澳银中证全指证券公司指数 开放 参与	1.00
475 中国建设银行股份有限 信达澳银中证全指证券公司指数 开放 参与	1.00
476 中国建设银行股份有限 信达澳银中证全指证券公司指数 开放 参与	1.00
477 中国建设银行股份有限 信达澳银中证全指证券公司指数 开放 参与	1.00
478 中国建设银行股份有限 信达澳银中证全指证券公司指数 开放 参与	1.00
479 中国建设银行股份有限 信达澳银中证全指证券公司指数 开放 参与	1.00
480 中国建设银行股份有限 信达澳银中证全指证券公司指数 开放 参与	1.00
481 中国建设银行股份有限 信达澳银中证全指证券公司指数 开放 参与	1.00
482 中国建设银行股份有限 信达澳银中证全指证券公司指数 开放 参与	1.00
483 中国建设银行股份有限 信达澳银中证全指证券公司指数 开放 参与	1.00
484 中国建设银行股份有限 信达澳银中证全指证券公司指数 开放 参与	1.00
485 中国建设银行股份有限 信达澳银中证全指证券公司指数 开放 参与	1.00
486 中国建设银行股份有限 信达澳银中证全指证券公司指数 开放 参与	1.00
487 中国建设银行股份有限 信达澳银中证全指证券公司指数 开放 参与	1.00
488 中国建设银行股份有限 信达澳银中证全指证券公司指数 开放 参与	1.00
489 中国建设银行股份有限 信达澳银中证全指证券公司指数 开放 参与	1.00
490 中国建设银行股份有限 信达澳银中证全指证券公司指数 开放 参与	1.00
491 中国建设银行股份有限 信达澳银中证全指证券公司指数 开放 参与	1.00
492 中国建设银行股份有限 信达澳银中证全指证券公司指数 开放 参与	1.00
493 中国建设银行股份有限 信达澳银中证全指证券公司指数 开放 参与	1.00
494 中国建设银行股份有限 信达澳银中证全指证券公司指数 开放 参与	1.00
495 中国建设银行股份有限 信达澳银中证全指证券公司指数 开放 参与	1.00
496 中国建设银行股份有限 信达澳银中证全指证券公司指数 开放 参与	1.00
497 中国建设银行股份有限 信达澳银中证全指证券公司指数 开放 参与	1.00
498 中国建设银行股份有限 信达澳银中证全指证券公司指数 开放 参与	1.00
499 中国建设银行股份有限 信达澳银中证全指证券公司指数 开放 参与	1.00
500 中国建设银行股份有限 信达澳银中证全指证券公司指数 开放 参与	1.00
501 中国建设银行股份有限 信达澳银中证全指证券公司指数 开放 参与	1.00
502 中国建设银行股份有限 信达澳银中证全指证券公司指数 开放 参与	1.00
503 中国建设银行股份有限 信达澳银中证全指证券公司指数 开放 参与	1.00
504 中国建设银行股份有限 信达澳银中证全指证券公司指数 开放 参与	1.00
505 中国建设银行股份有限 信达澳银中证全指证券公司指数 开放 参与	1.00
506 中国建设银行股份有限 信达澳银中证全指证券公司指数 开放 参与	1.00
507 中国建设银行股份有限 信达澳银中证全指证券公司指数 开放 参与	1.00
508 中国建设银行股份有限 信达澳银中证全指证券公司指数 开放 参与	1.00
509 中国建设银行股份有限 信达澳银中证全指证券公司指数 开放 参与	1.00
510 中国建设银行股份有限 信达澳银中证全指证券公司指数 开放 参与	1.00
511 中国建设银行股份有限 信达澳银中证全指证券公司指数 开放 参与	1.00
512 中国建设银行股份有限 信达澳银中证全指证券公司指数 开放 参与	1.00
513 中国建设银行股份有限 信达澳银中证全指证券公司指数 开放 参与	1.00
514 中国建设银行股份有限 信达澳银中证全指证券公司指数 开放 参与	1.00
515 中国建设银行股份有限 信达澳银中证全指证券公司指数 开放 参与	1.00
516 中国建设银行股份有限 信达澳银中证全指证券公司指数 开放 参与	1.00
517 中国建设银行股份有限 信达澳银中证全指证券公司指数 开放 参与	1.00
518 中国建设银行股份有限 信达澳银中证全指证券公司指数 开放 参与	1.00
519 中国建设银行股份有限 信达澳银中证全指证券公司指数 开放 参与	1.00
520 中国建设银行股份有限 信达澳银中证全指证券公司指数 开放 参与	1.00
521 中国建设银行股份有限 信达澳银中证全指证券公司指数 开放 参与	1.00
522 中国建设银行股份有限 信达澳银中证全指证券公司指数 开放 参与	1.00
523 中国建设银行股份有限 信达澳银中证全指证券公司指数 开放 参与	1.00
524 中国建设银行股份有限 信达澳银中证全指证券公司指数 开放 参与	1.00
525 中国建设银行股份有限 信达澳银中证全指证券公司指数 开放 参与	1.00
526 中国建设银行股份有限 信达澳银中证全指证券公司指数 开放 参与	1.00
527 中国建设银行股份有限 信达澳银中证全指证券公司指数 开放 参与	1.00
528 中国建设银行股份有限 信达澳银中证全指证券公司指数 开放 参与	1.00
529 中国建设银行股份有限 信达澳银中证全指证券公司指数 开放 参与	1.00
530 中国建设银行股份有限 信达澳银中证全指证券公司指数 开放 参与	1.00
531 中国建设银行股份有限 信达澳银中证全指证券公司指数 开放 参与	1.00
532 中国建设银行股份有限 信达澳银中证全指证券公司指数 开放 参与	1.00
533 中国建设银行股份有限 信达澳银中证全指证券公司指数 开放 参与	1.00
534 中国建设银行股份有限 信达澳银中证全指证券公司指数 开放 参与	1.00
535 中国建设银行股份有限 信达澳银中证全指证券公司指数 开放 参与	1.00
536 中国建设银行股份有限 信达澳银中证全指证券公司指数 开放 参与	1.00
537 中国建设银行股份有限 信达澳银中证全指证券公司指数 开放 参与	1.00
538 中国建设银行股份有限 信达澳银中证全指证券公司指数 开放 参与	1.00
539 中国建设银行股份有限 信达澳银中证全指证券公司指数 开放 参与	1.00
540 中国建设银行股份有限 信达澳银中证全指证券公司指数 开放 参与	1.00
541 中国建设银行股份有限 信达澳银中证全指证券公司指数 开放 参与	1.00
542 中国建设银行股份有限 信达澳银中证全指证券公司指数 开放 参与	1.00
543 中国建设银行股份有限 信达澳银中证全指证券公司指数 开放 参与	1.00
544 中国建设银行股份有限 信达澳银中证全指证券公司指数 开放 参与	1.00
545 中国建设银行股份有限 信达澳银中证全指证券公司指数 开放 参与	1.00
546 中国建设银行股份有限 信达澳银中证全指证券公司指数 开放 参与	1.00
547 中国建设银行股份有限 信达澳银中证全指证券公司指数 开放 参与	1.00
548 中国建设银行股份有限 信达澳银中证全指证券公司指数 开放 参与	1.00
549 中国建设银行股份有限 信达澳银中证全指证券公司指数 开放 参与	1.00
550 中国建设银行股份有限 信达澳银中证全指证券公司指数 开放 参与	1.00
551 中国建设银行股份有限 信达澳银中证全指证券公司指数 开放 参与	1.00
552 中国建设银行股份有限 信达澳银中证全指证券公司指数 开放 参与	1.00
553 中国建设银行股份有限 信达澳银中证全指证券公司指数 开放 参与	1.00
554 中国建设银行股份有限 信达澳银中证全指证券公司指数 开放 参与	1.00
555 中国建设银行股份有限 信达澳银中证全指证券公司指数 开放 参与	1.00
556 中国建设银行股份有限 信达澳银中证全指证券公司指数 开放 参与	1.00
557 中国建设银行股份有限 信达澳银中证全指证券公司指数 开放 参与	1.00
558 中国建设银行股份有限 信达澳银中证全指证券公司指数 开放 参与	1.00
559 中国建设银行股份有限 信达澳银中证全指证券公司指数 开放 参与	1.00
560 中国建设银行股份有限 信达澳银中证全指证券公司指数 开放 参与	1.00
561 中国建设银行股份有限 信达澳银中证全指证券公司指数 开放 参与	1.00
562 中国建设银行股份有限 信达澳银中证全指证券公司指数 开放 参与	1.00
563 中国建设银行股份有限 信达澳银中证全指证券公司指数 开放 参与	1.00
564 中国建设银行股份有限 信达澳银中证全指证券公司指数 开放 参与	1.00
565 中国建设银行股份有限 信达澳银中证全指证券公司指数 开放 参与	1.00
566 中国建设银行股份有限 信达澳银中证全指证券公司指数 开放 参与	1.00
（下转 A29 版）
